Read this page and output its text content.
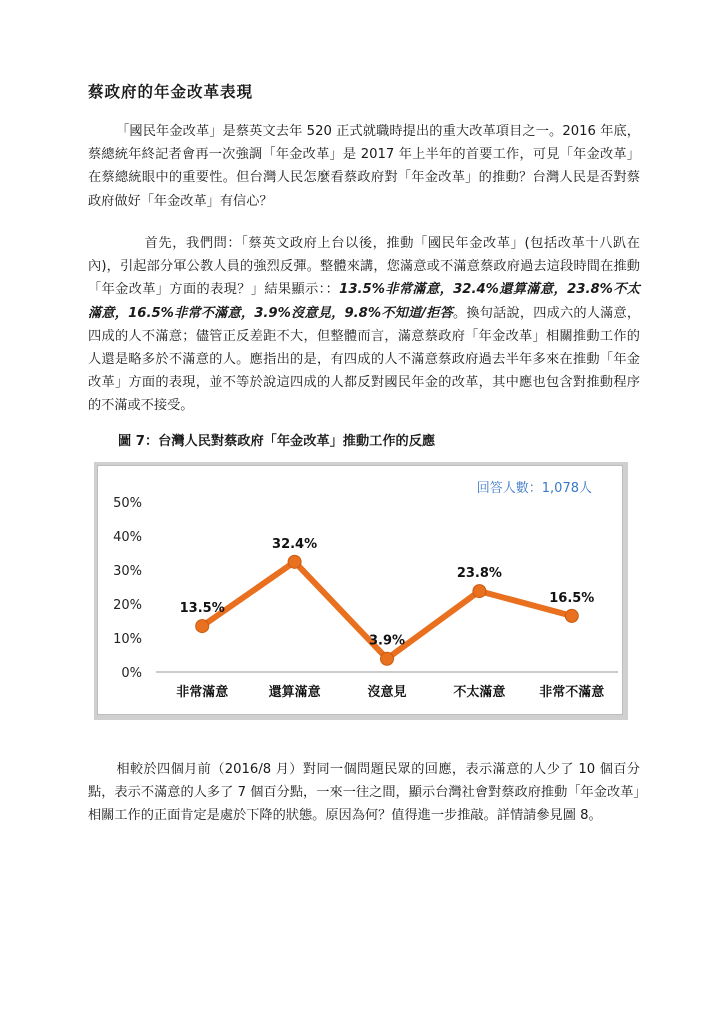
蔡政府的年金改革表現

「國民年金改革」是蔡英文去年 520 正式就職時提出的重大改革項目之一。2016 年底，蔡總統年終記者會再一次強調「年金改革」是 2017 年上半年的首要工作，可見「年金改革」在蔡總統眼中的重要性。但台灣人民怎麼看蔡政府對「年金改革」的推動？台灣人民是否對蔡政府做好「年金改革」有信心？

首先，我們問：「蔡英文政府上台以後，推動「國民年金改革」(包括改革十八趴在內)，引起部分軍公教人員的強烈反彈。整體來講，您滿意或不滿意蔡政府過去這段時間在推動「年金改革」方面的表現？」結果顯示：：13.5%非常滿意，32.4%還算滿意，23.8%不太滿意，16.5%非常不滿意，3.9%沒意見，9.8%不知道/拒答。換句話說，四成六的人滿意，四成的人不滿意；儘管正反差距不大，但整體而言，滿意蔡政府「年金改革」相關推動工作的人還是略多於不滿意的人。應指出的是，有四成的人不滿意蔡政府過去半年多來在推動「年金改革」方面的表現，並不等於說這四成的人都反對國民年金的改革，其中應也包含對推動程序的不滿或不接受。

圖 7：台灣人民對蔡政府「年金改革」推動工作的反應
回答人數：1,078人
0%
10%
20%
30%
40%
50%
非常滿意	還算滿意	沒意見	不太滿意	非常不滿意
13.5%
32.4%
3.9%
23.8%
16.5%

相較於四個月前（2016/8 月）對同一個問題民眾的回應，表示滿意的人少了 10 個百分點，表示不滿意的人多了 7 個百分點，一來一往之間，顯示台灣社會對蔡政府推動「年金改革」相關工作的正面肯定是處於下降的狀態。原因為何？值得進一步推敲。詳情請參見圖 8。
